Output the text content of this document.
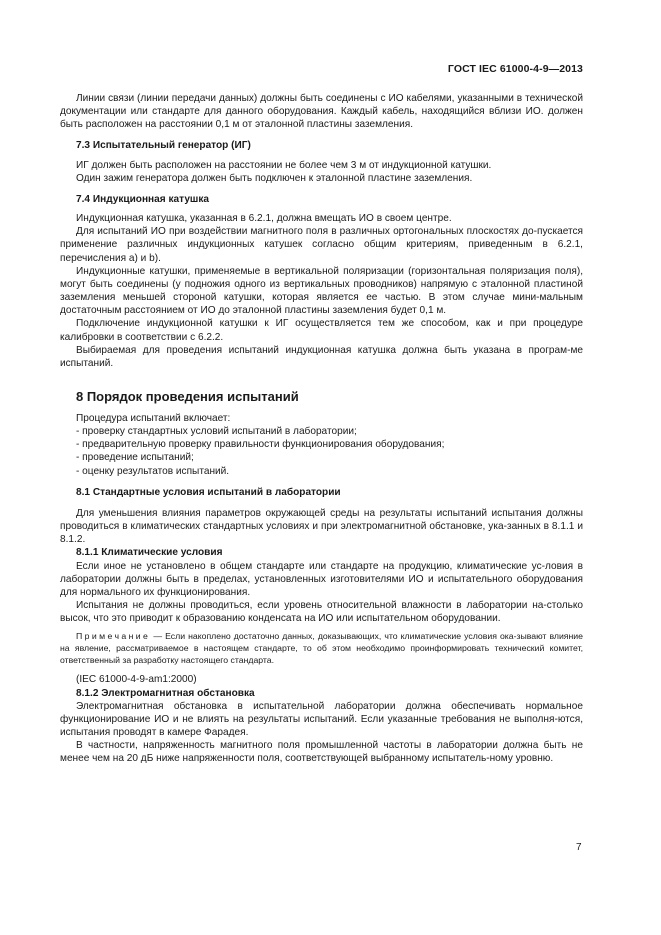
ГОСТ IEC 61000-4-9—2013

Линии связи (линии передачи данных) должны быть соединены с ИО кабелями, указанными в технической документации или стандарте для данного оборудования. Каждый кабель, находящийся вблизи ИО. должен быть расположен на расстоянии 0,1 м от эталонной пластины заземления.

7.3 Испытательный генератор (ИГ)

ИГ должен быть расположен на расстоянии не более чем 3 м от индукционной катушки.

Один зажим генератора должен быть подключен к эталонной пластине заземления.

7.4 Индукционная катушка

Индукционная катушка, указанная в 6.2.1, должна вмещать ИО в своем центре.

Для испытаний ИО при воздействии магнитного поля в различных ортогональных плоскостях до-пускается применение различных индукционных катушек согласно общим критериям, приведенным в 6.2.1, перечисления а) и b).

Индукционные катушки, применяемые в вертикальной поляризации (горизонтальная поляризация поля), могут быть соединены (у подножия одного из вертикальных проводников) напрямую с эталонной пластиной заземления меньшей стороной катушки, которая является ее частью. В этом случае мини-мальным достаточным расстоянием от ИО до эталонной пластины заземления будет 0,1 м.

Подключение индукционной катушки к ИГ осуществляется тем же способом, как и при процедуре калибровки в соответствии с 6.2.2.

Выбираемая для проведения испытаний индукционная катушка должна быть указана в програм-ме испытаний.

8 Порядок проведения испытаний

Процедура испытаний включает:

- проверку стандартных условий испытаний в лаборатории;

- предварительную проверку правильности функционирования оборудования;

- проведение испытаний;

- оценку результатов испытаний.

8.1 Стандартные условия испытаний в лаборатории

Для уменьшения влияния параметров окружающей среды на результаты испытаний испытания должны проводиться в климатических стандартных условиях и при электромагнитной обстановке, ука-занных в 8.1.1 и 8.1.2.

8.1.1 Климатические условия

Если иное не установлено в общем стандарте или стандарте на продукцию, климатические ус-ловия в лаборатории должны быть в пределах, установленных изготовителями ИО и испытательного оборудования для нормального их функционирования.

Испытания не должны проводиться, если уровень относительной влажности в лаборатории на-столько высок, что это приводит к образованию конденсата на ИО или испытательном оборудовании.

Примечание — Если накоплено достаточно данных, доказывающих, что климатические условия ока-зывают влияние на явление, рассматриваемое в настоящем стандарте, то об этом необходимо проинформировать технический комитет, ответственный за разработку настоящего стандарта.

(IEC 61000-4-9-am1:2000)

8.1.2 Электромагнитная обстановка

Электромагнитная обстановка в испытательной лаборатории должна обеспечивать нормальное функционирование ИО и не влиять на результаты испытаний. Если указанные требования не выполня-ются, испытания проводят в камере Фарадея.

В частности, напряженность магнитного поля промышленной частоты в лаборатории должна быть не менее чем на 20 дБ ниже напряженности поля, соответствующей выбранному испытатель-ному уровню.

7
